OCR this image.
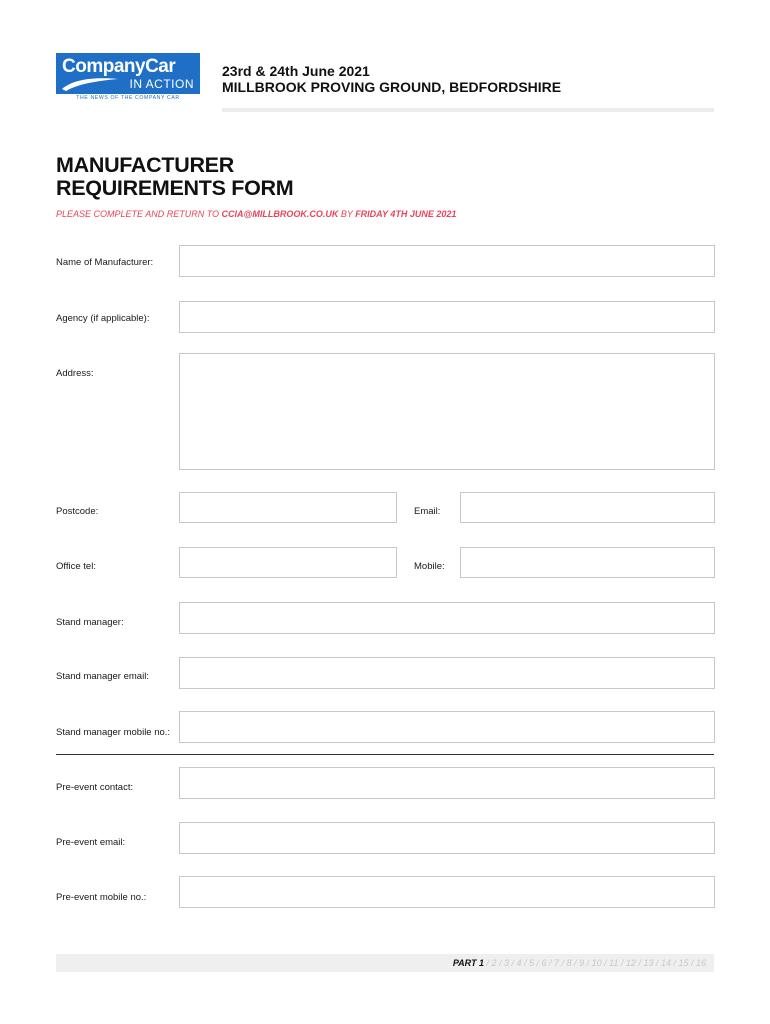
CompanyCar
IN ACTION
THE NEWS OF THE COMPANY CAR
23rd & 24th June 2021
MILLBROOK PROVING GROUND, BEDFORDSHIRE
MANUFACTURER
REQUIREMENTS FORM
PLEASE COMPLETE AND RETURN TO CCIA@MILLBROOK.CO.UK BY FRIDAY 4TH JUNE 2021
Name of Manufacturer:
Agency (if applicable):
Address:
Postcode:	Email:
Office tel:	Mobile:
Stand manager:
Stand manager email:
Stand manager mobile no.:
Pre-event contact:
Pre-event email:
Pre-event mobile no.:
PART 1 / 2 / 3 / 4 / 5 / 6 / 7 / 8 / 9 / 10 / 11 / 12 / 13 / 14 / 15 / 16
